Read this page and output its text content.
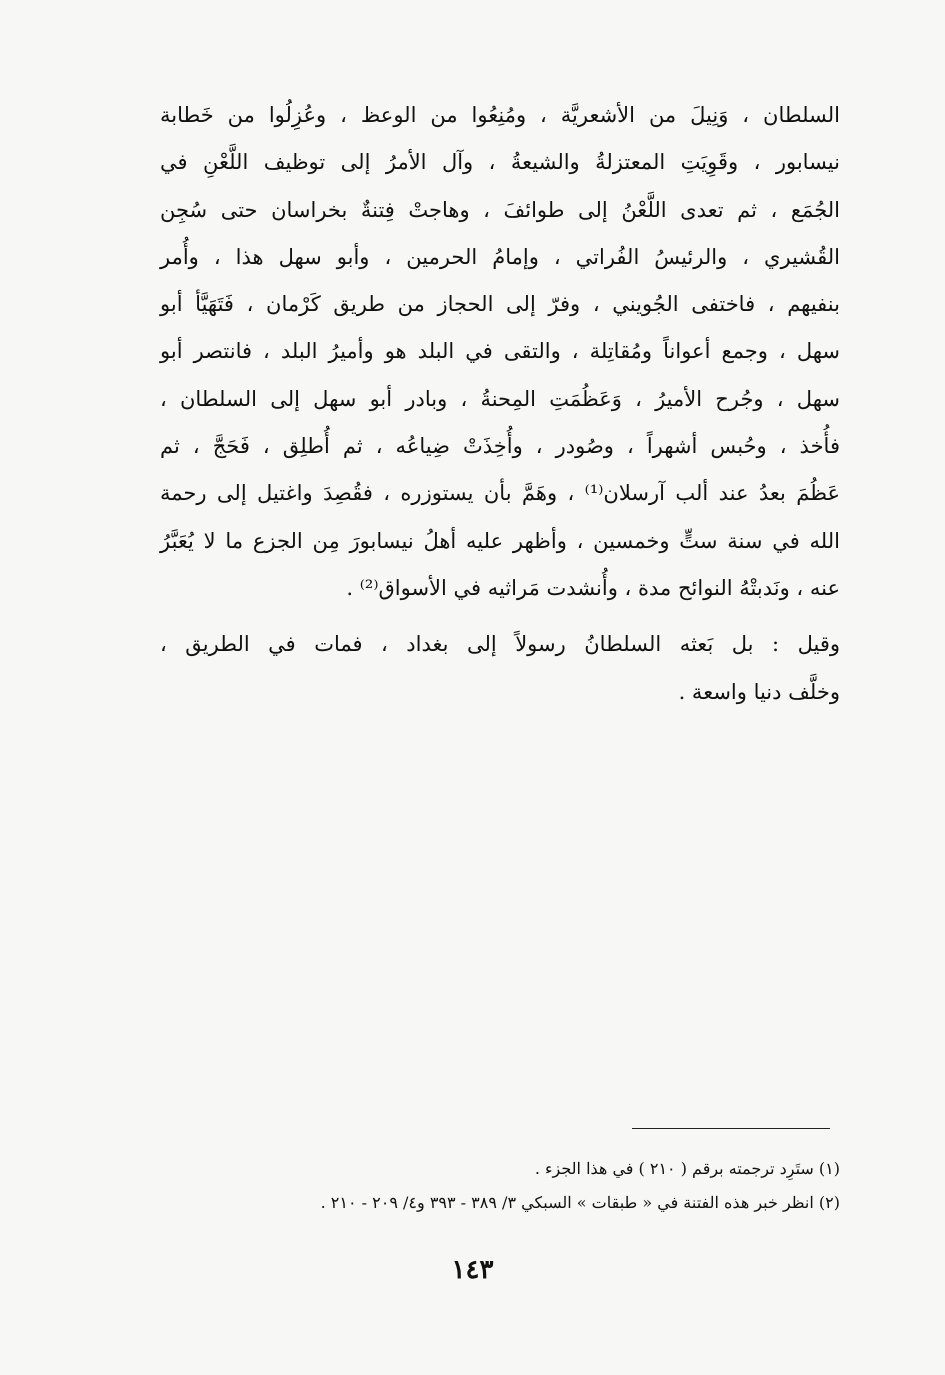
السلطان ، وَنِيلَ من الأشعريَّة ، ومُنِعُوا من الوعظ ، وعُزِلُوا من خَطابة
نيسابور ، وقَوِيَتِ المعتزلةُ والشيعةُ ، وآل الأمرُ إلى توظيف اللَّعْنِ في
الجُمَع ، ثم تعدى اللَّعْنُ إلى طوائفَ ، وهاجتْ فِتنةٌ بخراسان حتى سُجِن
القُشيري ، والرئيسُ الفُراتي ، وإمامُ الحرمين ، وأبو سهل هذا ، وأُمر
بنفيهم ، فاختفى الجُويني ، وفرّ إلى الحجاز من طريق كَرْمان ، فَتَهَيَّأ أبو
سهل ، وجمع أعواناً ومُقاتِلة ، والتقى في البلد هو وأميرُ البلد ، فانتصر أبو
سهل ، وجُرح الأميرُ ، وَعَظُمَتِ المِحنةُ ، وبادر أبو سهل إلى السلطان ،
فأُخذ ، وحُبس أشهراً ، وصُودر ، وأُخِذَتْ ضِياعُه ، ثم أُطلِق ، فَحَجَّ ، ثم
عَظُمَ بعدُ عند ألب آرسلان⁽¹⁾ ، وهَمَّ بأن يستوزره ، فقُصِدَ واغتيل إلى رحمة
الله في سنة ستٍّ وخمسين ، وأظهر عليه أهلُ نيسابورَ مِن الجزع ما لا يُعَبَّرُ
عنه ، ونَدبتْهُ النوائح مدة ، وأُنشدت مَراثيه في الأسواق⁽²⁾ .
وقيل : بل بَعثه السلطانُ رسولاً إلى بغداد ، فمات في الطريق ،
وخلَّف دنيا واسعة .
(١) ستَرِد ترجمته برقم ( ٢١٠ ) في هذا الجزء .
(٢) انظر خبر هذه الفتنة في « طبقات » السبكي ٣/ ٣٨٩ - ٣٩٣ و٤/ ٢٠٩ - ٢١٠ .
١٤٣
